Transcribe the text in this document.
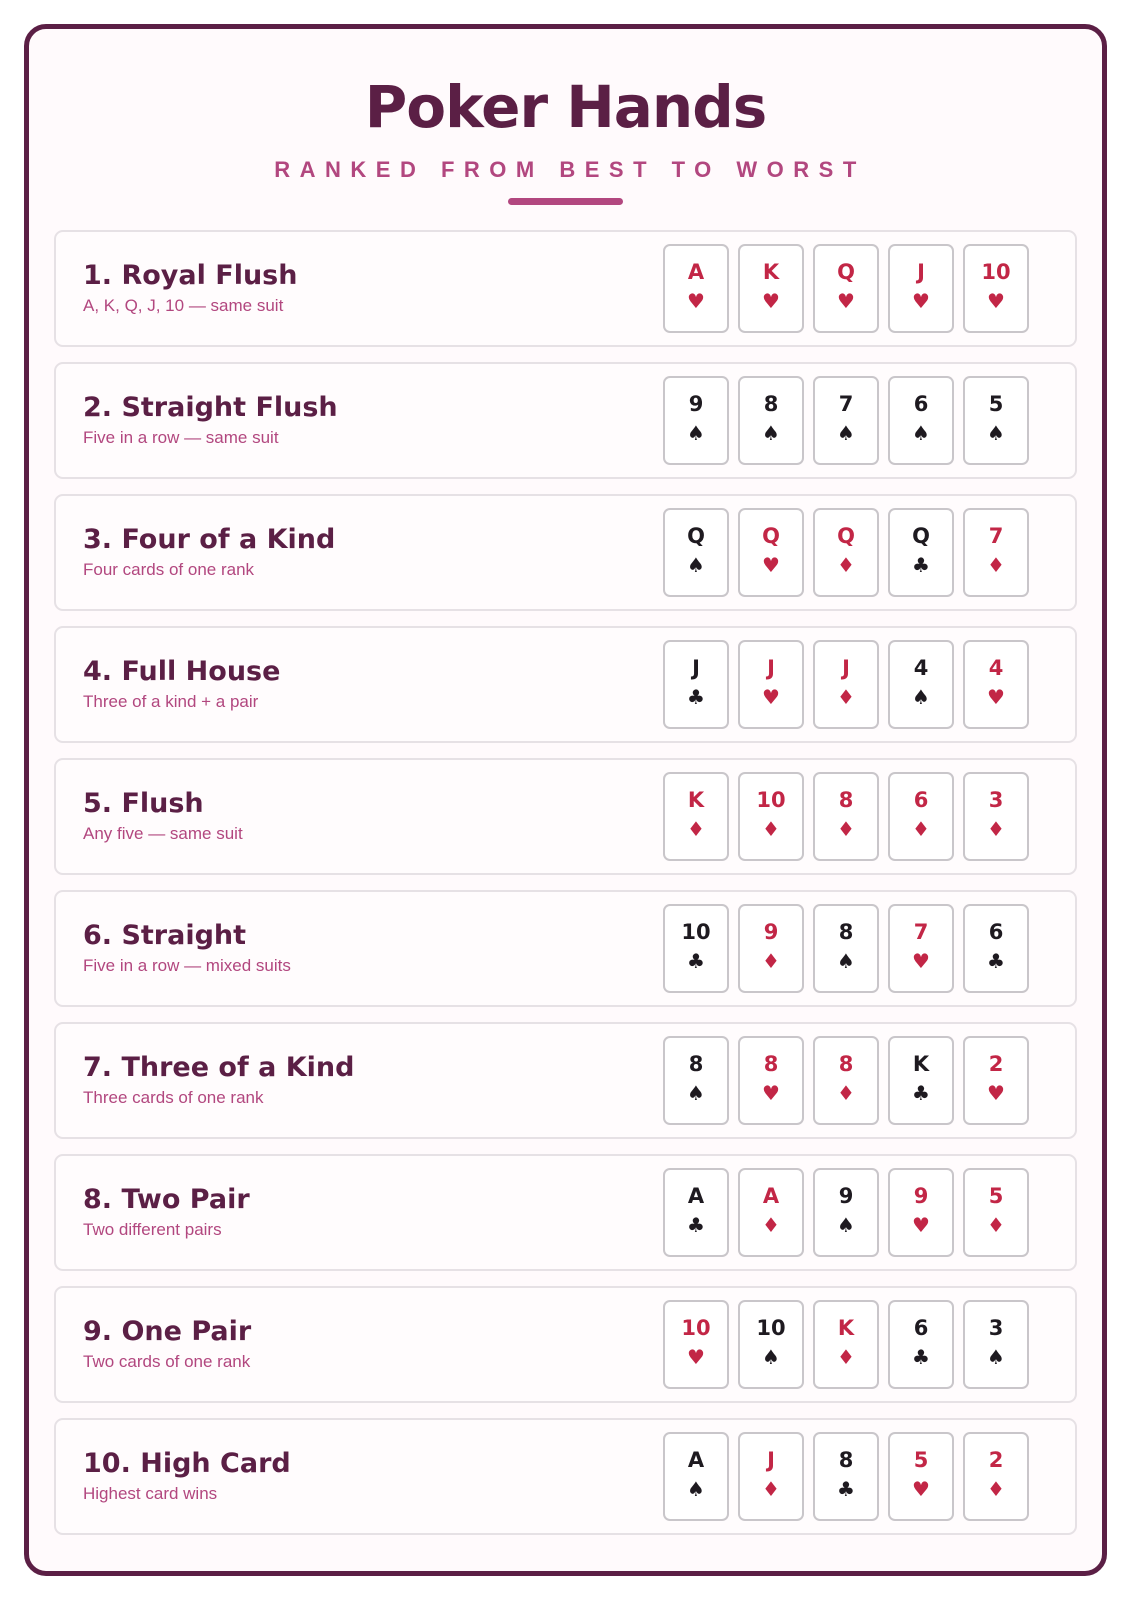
Poker Hands
RANKED FROM BEST TO WORST
1. Royal Flush
A, K, Q, J, 10 — same suit
A
♥
K
♥
Q
♥
J
♥
10
♥
2. Straight Flush
Five in a row — same suit
9
♠
8
♠
7
♠
6
♠
5
♠
3. Four of a Kind
Four cards of one rank
Q
♠
Q
♥
Q
♦
Q
♣
7
♦
4. Full House
Three of a kind + a pair
J
♣
J
♥
J
♦
4
♠
4
♥
5. Flush
Any five — same suit
K
♦
10
♦
8
♦
6
♦
3
♦
6. Straight
Five in a row — mixed suits
10
♣
9
♦
8
♠
7
♥
6
♣
7. Three of a Kind
Three cards of one rank
8
♠
8
♥
8
♦
K
♣
2
♥
8. Two Pair
Two different pairs
A
♣
A
♦
9
♠
9
♥
5
♦
9. One Pair
Two cards of one rank
10
♥
10
♠
K
♦
6
♣
3
♠
10. High Card
Highest card wins
A
♠
J
♦
8
♣
5
♥
2
♦
